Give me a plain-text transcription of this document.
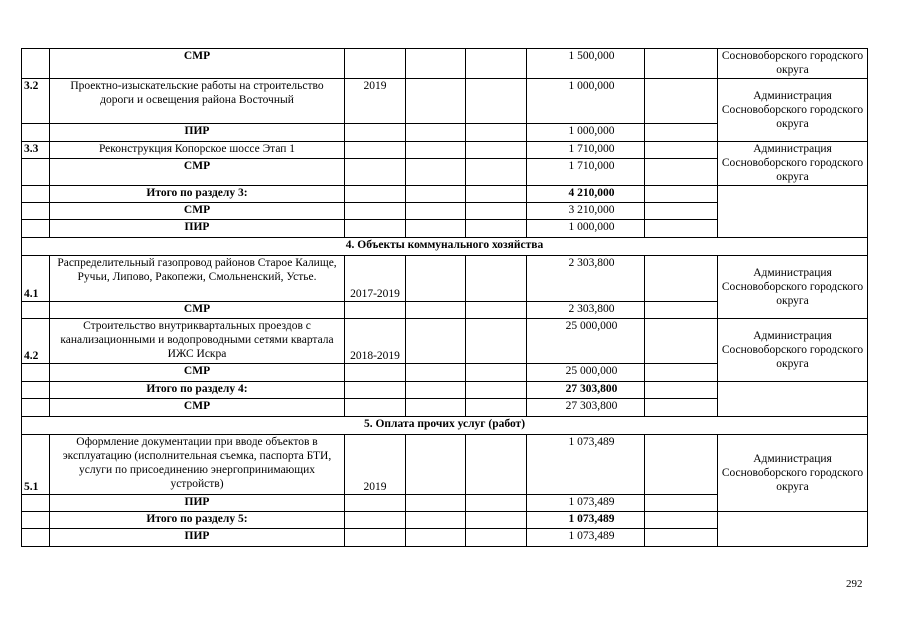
	СМР				1 500,000		Сосновоборского городского округа
3.2	Проектно-изыскательские работы на строительство дороги и освещения района Восточный	2019			1 000,000		Администрация Сосновоборского городского округа
	ПИР				1 000,000		
3.3	Реконструкция Копорское шоссе Этап 1				1 710,000		Администрация Сосновоборского городского округа
	СМР				1 710,000		
	Итого по разделу 3:				4 210,000		
	СМР				3 210,000		
	ПИР				1 000,000		
4. Объекты коммунального хозяйства							
4.1	Распределительный газопровод районов Старое Калище, Ручьи, Липово, Ракопежи, Смольненский, Устье.	2017-2019			2 303,800		Администрация Сосновоборского городского округа
	СМР				2 303,800		
4.2	Строительство внутриквартальных проездов с канализационными и водопроводными сетями квартала ИЖС Искра	2018-2019			25 000,000		Администрация Сосновоборского городского округа
	СМР				25 000,000		
	Итого по разделу 4:				27 303,800		
	СМР				27 303,800		
5. Оплата прочих услуг (работ)							
5.1	Оформление документации при вводе объектов в эксплуатацию (исполнительная съемка, паспорта БТИ, услуги по присоединению энергопринимающих устройств)	2019			1 073,489		Администрация Сосновоборского городского округа
	ПИР				1 073,489		
	Итого по разделу 5:				1 073,489		
	ПИР				1 073,489		
292
